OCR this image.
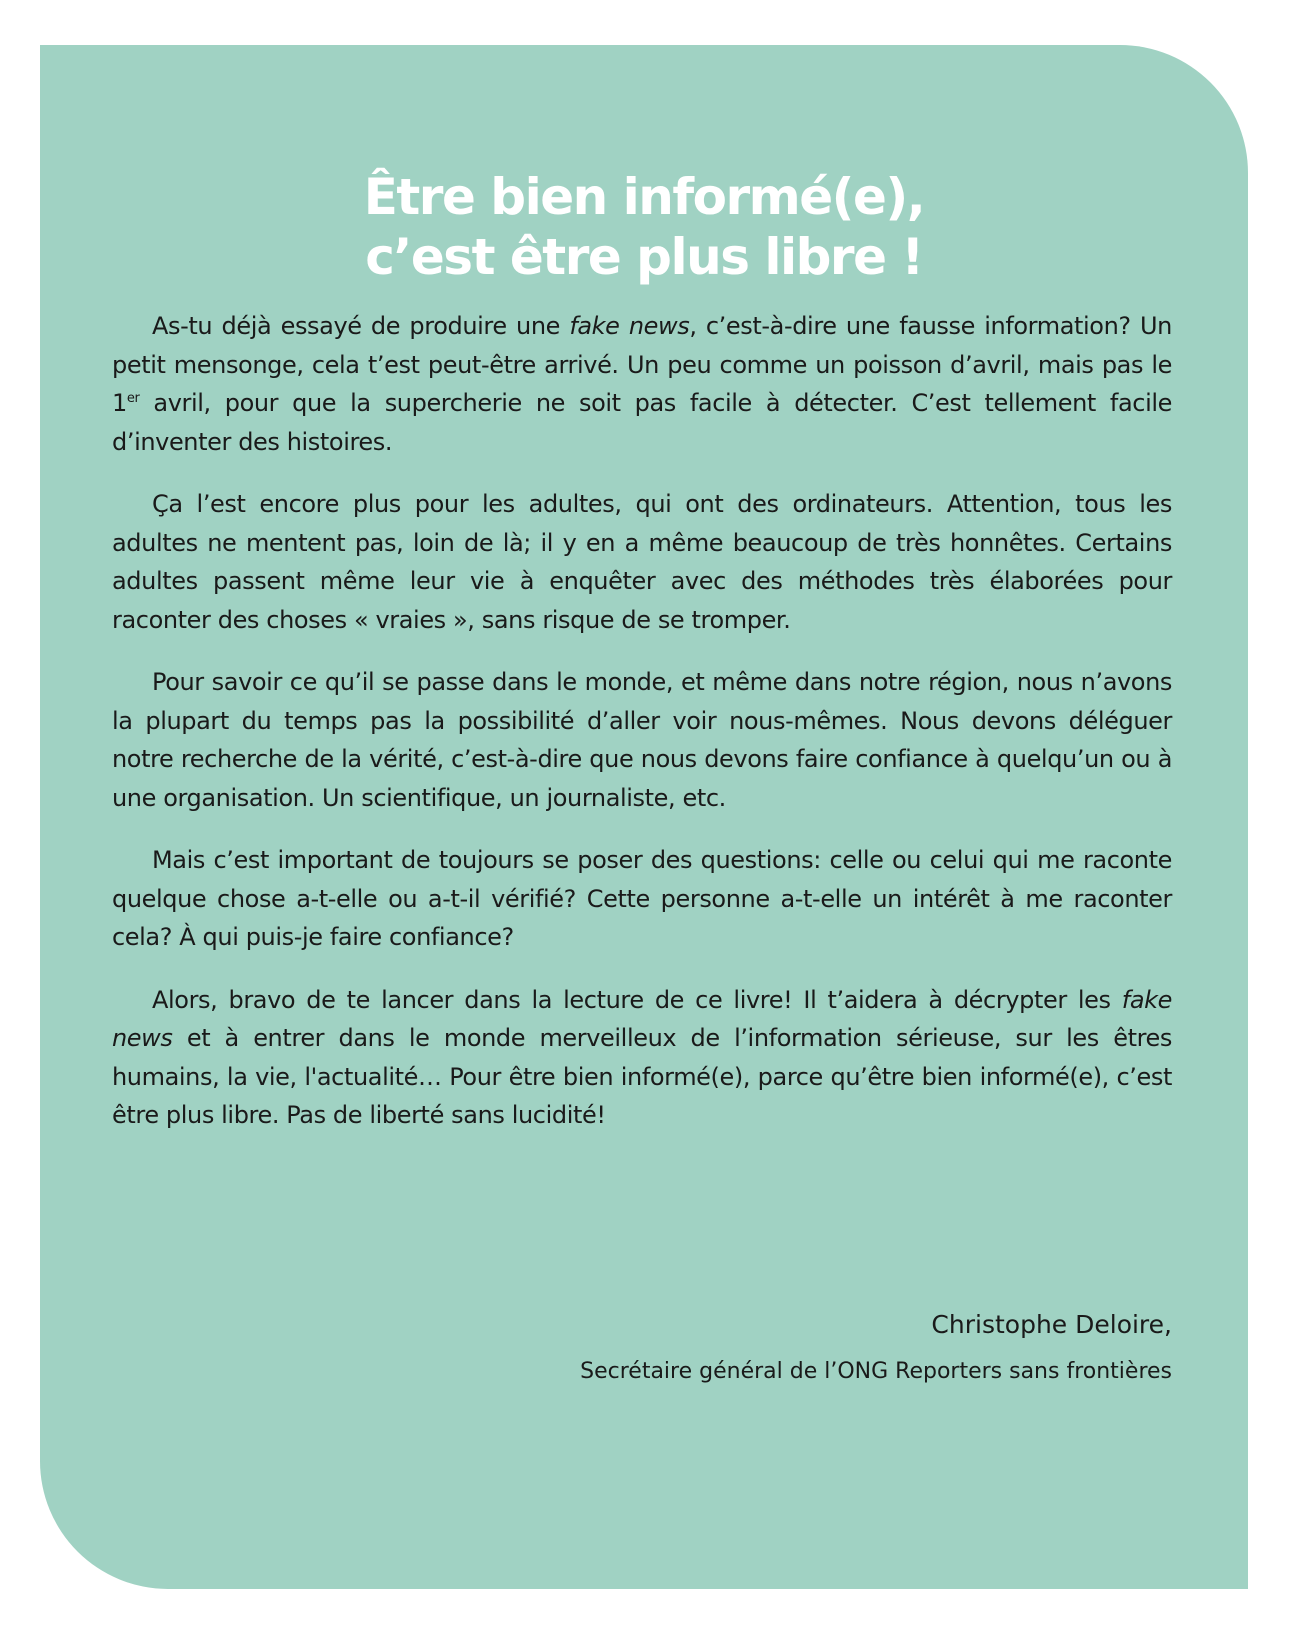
Être bien informé(e),
c’est être plus libre !

As-tu déjà essayé de produire une fake news, c’est-à-dire une fausse information? Un petit mensonge, cela t’est peut-être arrivé. Un peu comme un poisson d’avril, mais pas le 1er avril, pour que la supercherie ne soit pas facile à détecter. C’est tellement facile d’inventer des histoires.

Ça l’est encore plus pour les adultes, qui ont des ordinateurs. Attention, tous les adultes ne mentent pas, loin de là; il y en a même beaucoup de très honnêtes. Certains adultes passent même leur vie à enquêter avec des méthodes très élaborées pour raconter des choses « vraies », sans risque de se tromper.

Pour savoir ce qu’il se passe dans le monde, et même dans notre région, nous n’avons la plupart du temps pas la possibilité d’aller voir nous-mêmes. Nous devons déléguer notre recherche de la vérité, c’est-à-dire que nous devons faire confiance à quelqu’un ou à une organisation. Un scientifique, un journaliste, etc.

Mais c’est important de toujours se poser des questions: celle ou celui qui me raconte quelque chose a-t-elle ou a-t-il vérifié? Cette personne a-t-elle un intérêt à me raconter cela? À qui puis-je faire confiance?

Alors, bravo de te lancer dans la lecture de ce livre! Il t’aidera à décrypter les fake news et à entrer dans le monde merveilleux de l’information sérieuse, sur les êtres humains, la vie, l'actualité… Pour être bien informé(e), parce qu’être bien informé(e), c’est être plus libre. Pas de liberté sans lucidité!

Christophe Deloire,
Secrétaire général de l’ONG Reporters sans frontières
